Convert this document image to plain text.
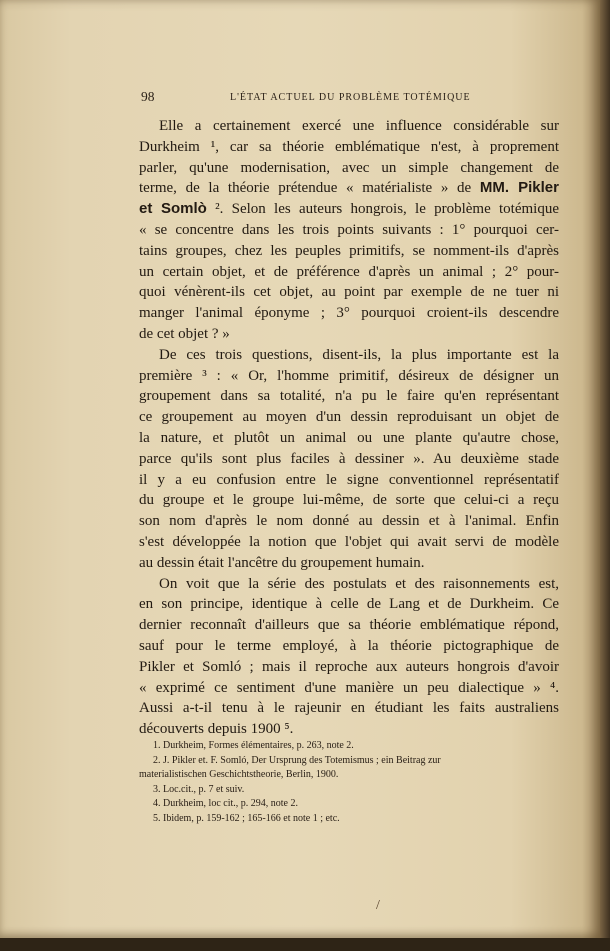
98	L'ÉTAT ACTUEL DU PROBLÈME TOTÉMIQUE
Elle a certainement exercé une influence considérable sur
Durkheim ¹, car sa théorie emblématique n'est, à proprement
parler, qu'une modernisation, avec un simple changement de
terme, de la théorie prétendue « matérialiste » de MM. Pikler
et Somlò ². Selon les auteurs hongrois, le problème totémique
« se concentre dans les trois points suivants : 1° pourquoi cer-
tains groupes, chez les peuples primitifs, se nomment-ils d'après
un certain objet, et de préférence d'après un animal ; 2° pour-
quoi vénèrent-ils cet objet, au point par exemple de ne tuer ni
manger l'animal éponyme ; 3° pourquoi croient-ils descendre
de cet objet ? »
De ces trois questions, disent-ils, la plus importante est la
première ³ : « Or, l'homme primitif, désireux de désigner un
groupement dans sa totalité, n'a pu le faire qu'en représentant
ce groupement au moyen d'un dessin reproduisant un objet de
la nature, et plutôt un animal ou une plante qu'autre chose,
parce qu'ils sont plus faciles à dessiner ». Au deuxième stade
il y a eu confusion entre le signe conventionnel représentatif
du groupe et le groupe lui-même, de sorte que celui-ci a reçu
son nom d'après le nom donné au dessin et à l'animal. Enfin
s'est développée la notion que l'objet qui avait servi de modèle
au dessin était l'ancêtre du groupement humain.
On voit que la série des postulats et des raisonnements est,
en son principe, identique à celle de Lang et de Durkheim. Ce
dernier reconnaît d'ailleurs que sa théorie emblématique répond,
sauf pour le terme employé, à la théorie pictographique de
Pikler et Somló ; mais il reproche aux auteurs hongrois d'avoir
« exprimé ce sentiment d'une manière un peu dialectique » ⁴.
Aussi a-t-il tenu à le rajeunir en étudiant les faits australiens
découverts depuis 1900 ⁵.
1. Durkheim, Formes élémentaires, p. 263, note 2.
2. J. Pikler et. F. Somló, Der Ursprung des Totemismus ; ein Beitrag zur
materialistischen Geschichtstheorie, Berlin, 1900.
3. Loc.cit., p. 7 et suiv.
4. Durkheim, loc cit., p. 294, note 2.
5. Ibidem, p. 159-162 ; 165-166 et note 1 ; etc.
/
